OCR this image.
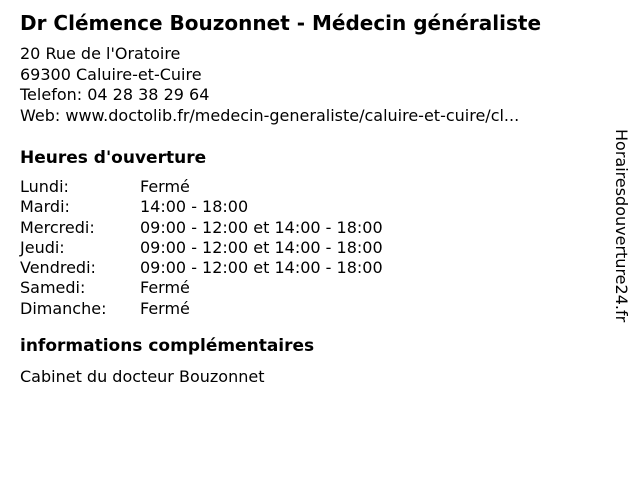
Dr Clémence Bouzonnet - Médecin généraliste
20 Rue de l'Oratoire
69300 Caluire-et-Cuire
Telefon: 04 28 38 29 64
Web: www.doctolib.fr/medecin-generaliste/caluire-et-cuire/cl...
Heures d'ouverture
Lundi:	Fermé
Mardi:	14:00 - 18:00
Mercredi:	09:00 - 12:00 et 14:00 - 18:00
Jeudi:	09:00 - 12:00 et 14:00 - 18:00
Vendredi:	09:00 - 12:00 et 14:00 - 18:00
Samedi:	Fermé
Dimanche:	Fermé
informations complémentaires
Cabinet du docteur Bouzonnet
Horairesdouverture24.fr
